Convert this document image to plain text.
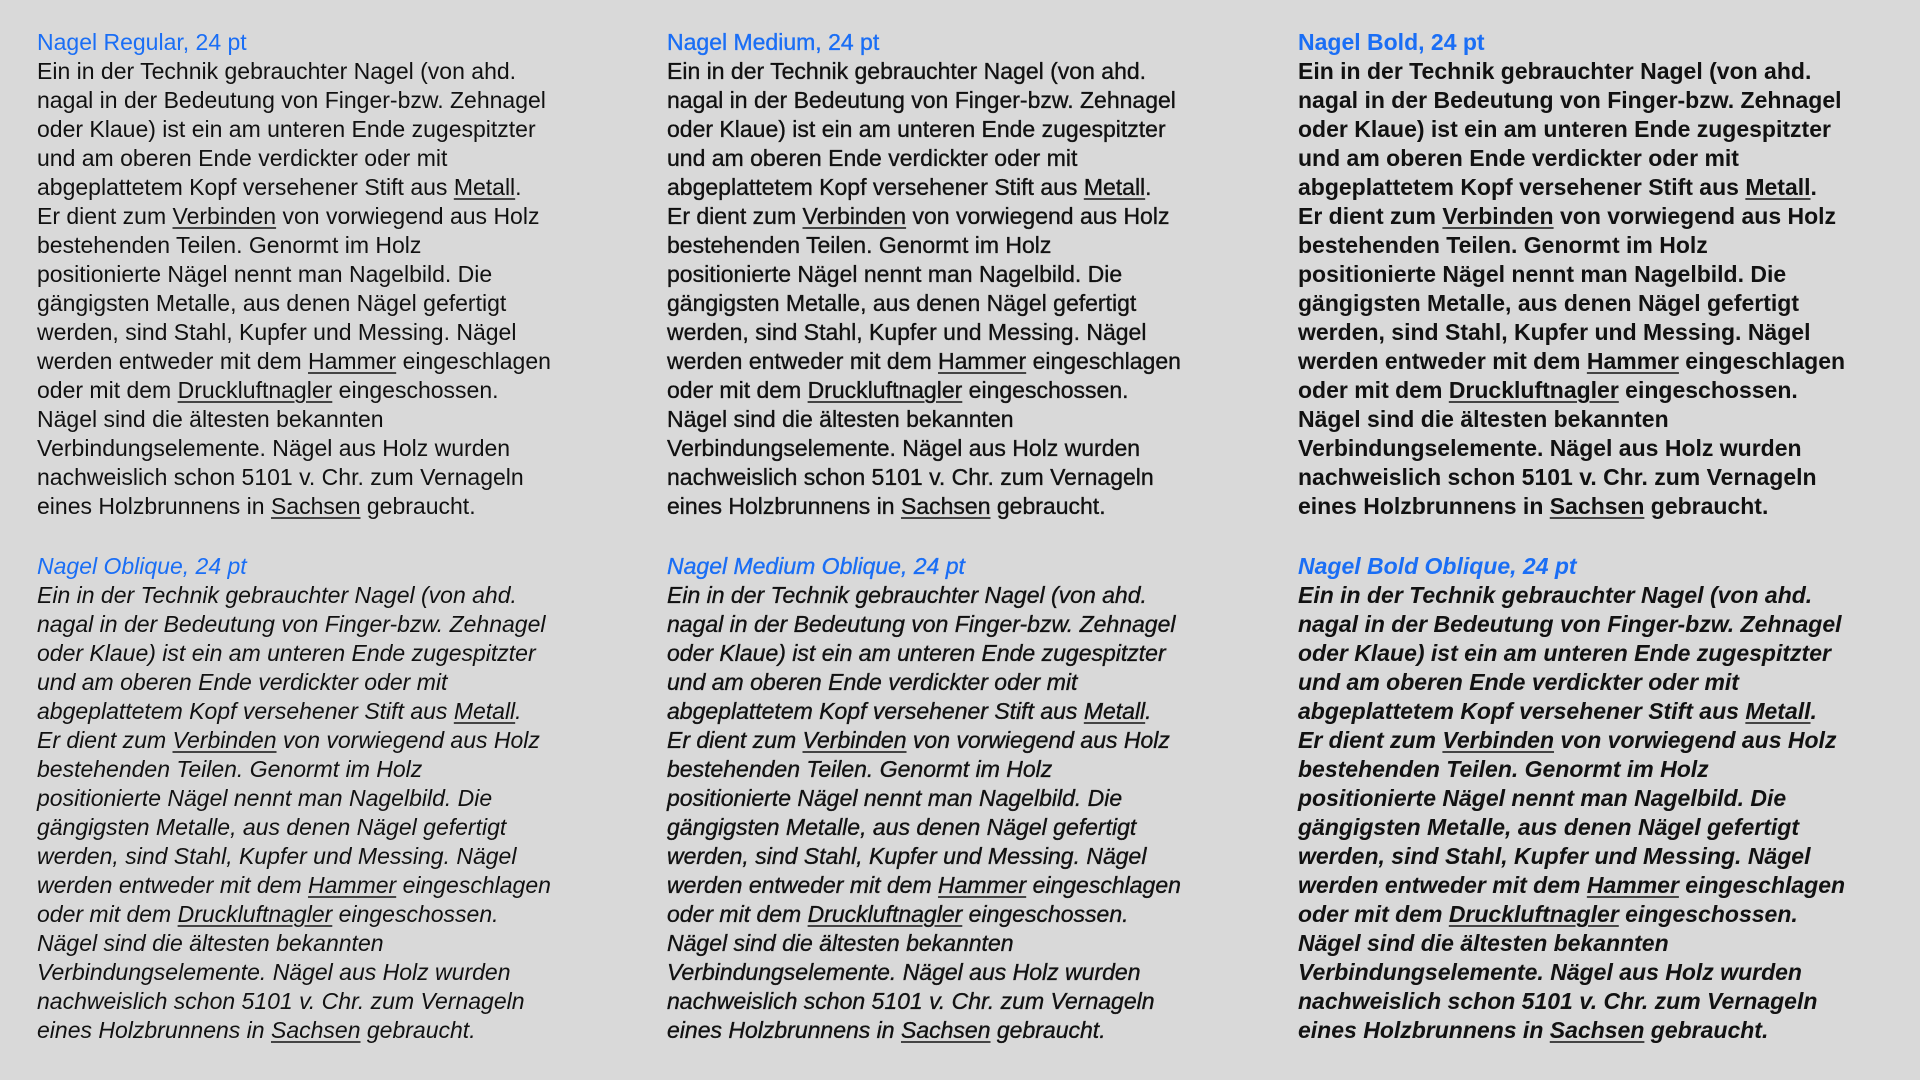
Nagel Regular, 24 pt
Ein in der Technik gebrauchter Nagel (von ahd.
nagal in der Bedeutung von Finger-bzw. Zehnagel
oder Klaue) ist ein am unteren Ende zugespitzter
und am oberen Ende verdickter oder mit
abgeplattetem Kopf versehener Stift aus Metall.
Er dient zum Verbinden von vorwiegend aus Holz
bestehenden Teilen. Genormt im Holz
positionierte Nägel nennt man Nagelbild. Die
gängigsten Metalle, aus denen Nägel gefertigt
werden, sind Stahl, Kupfer und Messing. Nägel
werden entweder mit dem Hammer eingeschlagen
oder mit dem Druckluftnagler eingeschossen.
Nägel sind die ältesten bekannten
Verbindungselemente. Nägel aus Holz wurden
nachweislich schon 5101 v. Chr. zum Vernageln
eines Holzbrunnens in Sachsen gebraucht.
Nagel Medium, 24 pt
Ein in der Technik gebrauchter Nagel (von ahd.
nagal in der Bedeutung von Finger-bzw. Zehnagel
oder Klaue) ist ein am unteren Ende zugespitzter
und am oberen Ende verdickter oder mit
abgeplattetem Kopf versehener Stift aus Metall.
Er dient zum Verbinden von vorwiegend aus Holz
bestehenden Teilen. Genormt im Holz
positionierte Nägel nennt man Nagelbild. Die
gängigsten Metalle, aus denen Nägel gefertigt
werden, sind Stahl, Kupfer und Messing. Nägel
werden entweder mit dem Hammer eingeschlagen
oder mit dem Druckluftnagler eingeschossen.
Nägel sind die ältesten bekannten
Verbindungselemente. Nägel aus Holz wurden
nachweislich schon 5101 v. Chr. zum Vernageln
eines Holzbrunnens in Sachsen gebraucht.
Nagel Bold, 24 pt
Ein in der Technik gebrauchter Nagel (von ahd.
nagal in der Bedeutung von Finger-bzw. Zehnagel
oder Klaue) ist ein am unteren Ende zugespitzter
und am oberen Ende verdickter oder mit
abgeplattetem Kopf versehener Stift aus Metall.
Er dient zum Verbinden von vorwiegend aus Holz
bestehenden Teilen. Genormt im Holz
positionierte Nägel nennt man Nagelbild. Die
gängigsten Metalle, aus denen Nägel gefertigt
werden, sind Stahl, Kupfer und Messing. Nägel
werden entweder mit dem Hammer eingeschlagen
oder mit dem Druckluftnagler eingeschossen.
Nägel sind die ältesten bekannten
Verbindungselemente. Nägel aus Holz wurden
nachweislich schon 5101 v. Chr. zum Vernageln
eines Holzbrunnens in Sachsen gebraucht.
Nagel Oblique, 24 pt
Ein in der Technik gebrauchter Nagel (von ahd.
nagal in der Bedeutung von Finger-bzw. Zehnagel
oder Klaue) ist ein am unteren Ende zugespitzter
und am oberen Ende verdickter oder mit
abgeplattetem Kopf versehener Stift aus Metall.
Er dient zum Verbinden von vorwiegend aus Holz
bestehenden Teilen. Genormt im Holz
positionierte Nägel nennt man Nagelbild. Die
gängigsten Metalle, aus denen Nägel gefertigt
werden, sind Stahl, Kupfer und Messing. Nägel
werden entweder mit dem Hammer eingeschlagen
oder mit dem Druckluftnagler eingeschossen.
Nägel sind die ältesten bekannten
Verbindungselemente. Nägel aus Holz wurden
nachweislich schon 5101 v. Chr. zum Vernageln
eines Holzbrunnens in Sachsen gebraucht.
Nagel Medium Oblique, 24 pt
Ein in der Technik gebrauchter Nagel (von ahd.
nagal in der Bedeutung von Finger-bzw. Zehnagel
oder Klaue) ist ein am unteren Ende zugespitzter
und am oberen Ende verdickter oder mit
abgeplattetem Kopf versehener Stift aus Metall.
Er dient zum Verbinden von vorwiegend aus Holz
bestehenden Teilen. Genormt im Holz
positionierte Nägel nennt man Nagelbild. Die
gängigsten Metalle, aus denen Nägel gefertigt
werden, sind Stahl, Kupfer und Messing. Nägel
werden entweder mit dem Hammer eingeschlagen
oder mit dem Druckluftnagler eingeschossen.
Nägel sind die ältesten bekannten
Verbindungselemente. Nägel aus Holz wurden
nachweislich schon 5101 v. Chr. zum Vernageln
eines Holzbrunnens in Sachsen gebraucht.
Nagel Bold Oblique, 24 pt
Ein in der Technik gebrauchter Nagel (von ahd.
nagal in der Bedeutung von Finger-bzw. Zehnagel
oder Klaue) ist ein am unteren Ende zugespitzter
und am oberen Ende verdickter oder mit
abgeplattetem Kopf versehener Stift aus Metall.
Er dient zum Verbinden von vorwiegend aus Holz
bestehenden Teilen. Genormt im Holz
positionierte Nägel nennt man Nagelbild. Die
gängigsten Metalle, aus denen Nägel gefertigt
werden, sind Stahl, Kupfer und Messing. Nägel
werden entweder mit dem Hammer eingeschlagen
oder mit dem Druckluftnagler eingeschossen.
Nägel sind die ältesten bekannten
Verbindungselemente. Nägel aus Holz wurden
nachweislich schon 5101 v. Chr. zum Vernageln
eines Holzbrunnens in Sachsen gebraucht.
